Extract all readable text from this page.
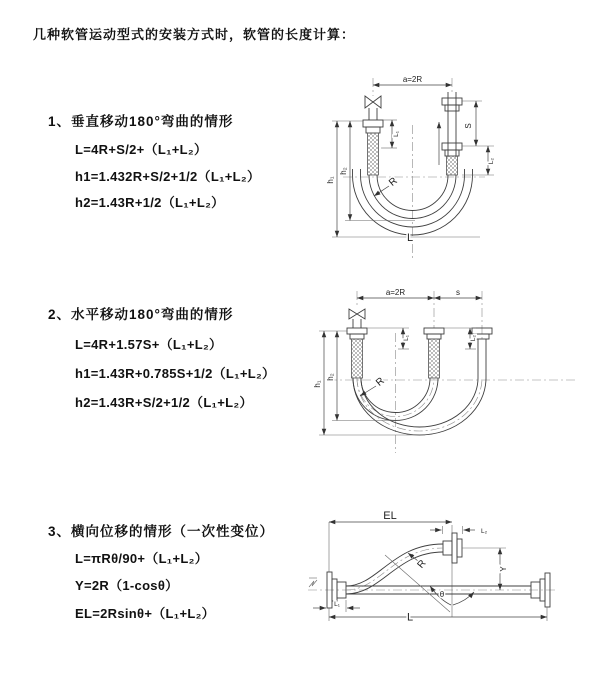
几种软管运动型式的安装方式时，软管的长度计算：
1、垂直移动180°弯曲的情形
L=4R+S/2+（L₁+L₂）
h1=1.432R+S/2+1/2（L₁+L₂）
h2=1.43R+1/2（L₁+L₂）
a=2R
S
L₂
L₁
h₁
h₂
R
L
2、水平移动180°弯曲的情形
L=4R+1.57S+（L₁+L₂）
h1=1.43R+0.785S+1/2（L₁+L₂）
h2=1.43R+S/2+1/2（L₁+L₂）
a=2R	s
h₁
h₂
L₁	L₂
R
3、横向位移的情形（一次性变位）
L=πRθ/90+（L₁+L₂）
Y=2R（1-cosθ）
EL=2Rsinθ+（L₁+L₂）
EL
L₂
Y
L
L₁
θ
R
